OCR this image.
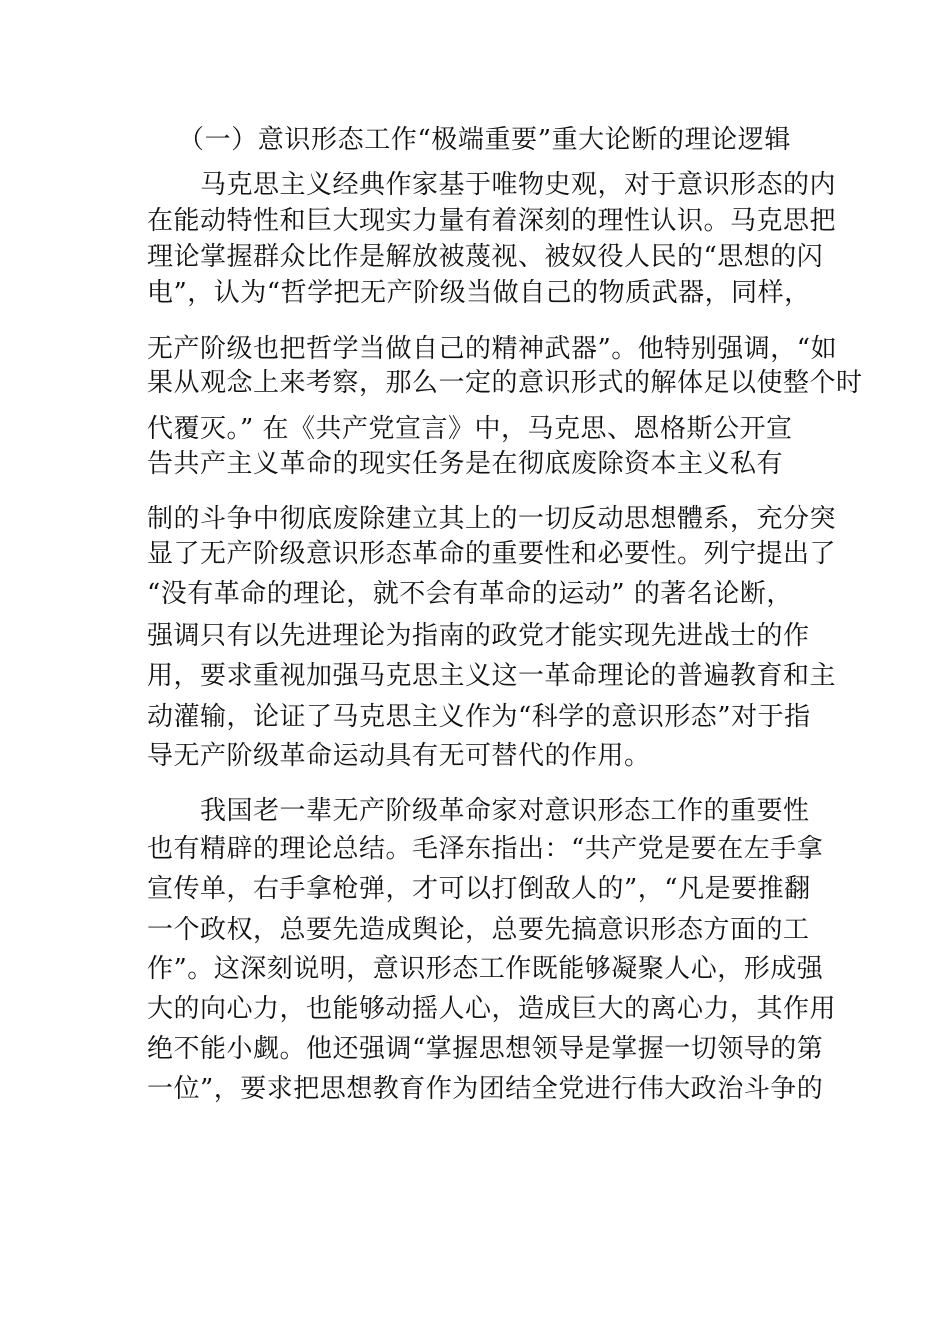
（一）意识形态工作“极端重要”重大论断的理论逻辑
马克思主义经典作家基于唯物史观，对于意识形态的内
在能动特性和巨大现实力量有着深刻的理性认识。马克思把
理论掌握群众比作是解放被蔑视、被奴役人民的“思想的闪
电”，认为“哲学把无产阶级当做自己的物质武器，同样，
无产阶级也把哲学当做自己的精神武器”。他特别强调，“如
果从观念上来考察，那么一定的意识形式的解体足以使整个时
代覆灭。” 在《共产党宣言》中，马克思、恩格斯公开宣
告共产主义革命的现实任务是在彻底废除资本主义私有
制的斗争中彻底废除建立其上的一切反动思想體系，充分突
显了无产阶级意识形态革命的重要性和必要性。列宁提出了
“没有革命的理论，就不会有革命的运动” 的著名论断，
强调只有以先进理论为指南的政党才能实现先进战士的作
用，要求重视加强马克思主义这一革命理论的普遍教育和主
动灌输，论证了马克思主义作为“科学的意识形态”对于指
导无产阶级革命运动具有无可替代的作用。
我国老一辈无产阶级革命家对意识形态工作的重要性
也有精辟的理论总结。毛泽东指出：“共产党是要在左手拿
宣传单，右手拿枪弹，才可以打倒敌人的”，“凡是要推翻
一个政权，总要先造成舆论，总要先搞意识形态方面的工
作”。这深刻说明，意识形态工作既能够凝聚人心，形成强
大的向心力，也能够动摇人心，造成巨大的离心力，其作用
绝不能小觑。他还强调“掌握思想领导是掌握一切领导的第
一位”，要求把思想教育作为团结全党进行伟大政治斗争的
